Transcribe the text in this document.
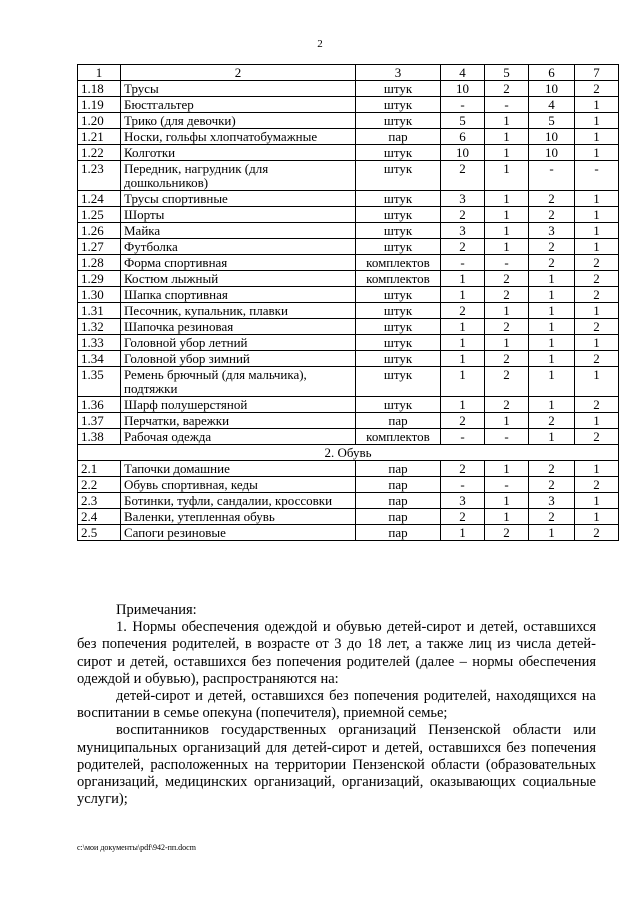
2
1	2	3	4	5	6	7
1.18	Трусы	штук	10	2	10	2
1.19	Бюстгальтер	штук	-	-	4	1
1.20	Трико (для девочки)	штук	5	1	5	1
1.21	Носки, гольфы хлопчатобумажные	пар	6	1	10	1
1.22	Колготки	штук	10	1	10	1
1.23	Передник, нагрудник (для дошкольников)	штук	2	1	-	-
1.24	Трусы спортивные	штук	3	1	2	1
1.25	Шорты	штук	2	1	2	1
1.26	Майка	штук	3	1	3	1
1.27	Футболка	штук	2	1	2	1
1.28	Форма спортивная	комплектов	-	-	2	2
1.29	Костюм лыжный	комплектов	1	2	1	2
1.30	Шапка спортивная	штук	1	2	1	2
1.31	Песочник, купальник, плавки	штук	2	1	1	1
1.32	Шапочка резиновая	штук	1	2	1	2
1.33	Головной убор летний	штук	1	1	1	1
1.34	Головной убор зимний	штук	1	2	1	2
1.35	Ремень брючный (для мальчика), подтяжки	штук	1	2	1	1
1.36	Шарф полушерстяной	штук	1	2	1	2
1.37	Перчатки, варежки	пар	2	1	2	1
1.38	Рабочая одежда	комплектов	-	-	1	2
2. Обувь						
2.1	Тапочки домашние	пар	2	1	2	1
2.2	Обувь спортивная, кеды	пар	-	-	2	2
2.3	Ботинки, туфли, сандалии, кроссовки	пар	3	1	3	1
2.4	Валенки, утепленная обувь	пар	2	1	2	1
2.5	Сапоги резиновые	пар	1	2	1	2

Примечания:

1. Нормы обеспечения одеждой и обувью детей-сирот и детей, оставшихся без попечения родителей, в возрасте от 3 до 18 лет, а также лиц из числа детей-сирот и детей, оставшихся без попечения родителей (далее – нормы обеспечения одеждой и обувью), распространяются на:

детей-сирот и детей, оставшихся без попечения родителей, находящихся на воспитании в семье опекуна (попечителя), приемной семье;

воспитанников государственных организаций Пензенской области или муниципальных организаций для детей-сирот и детей, оставшихся без попечения родителей, расположенных на территории Пензенской области (образовательных организаций, медицинских организаций, организаций, оказывающих социальные услуги);

c:\мои документы\pdf\942-пп.docm
